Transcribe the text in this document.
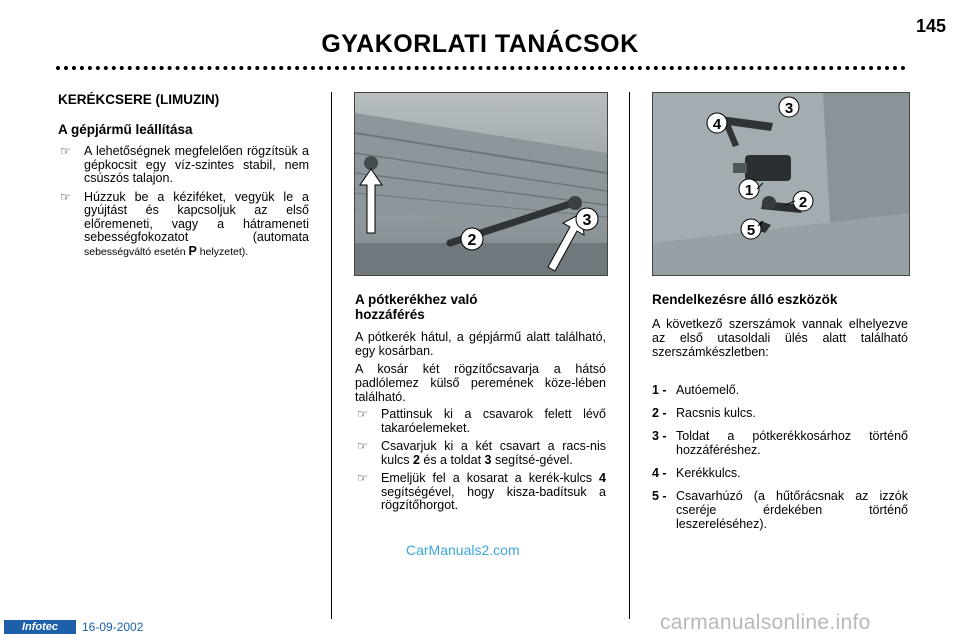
145
GYAKORLATI TANÁCSOK
KERÉKCSERE (LIMUZIN)
A gépjármű leállítása
☞ A lehetőségnek megfelelően rögzítsük a gépkocsit egy víz-szintes stabil, nem csúszós talajon.
☞ Húzzuk be a kéziféket, vegyük le a gyújtást és kapcsoljuk az első előremeneti, vagy a hátrameneti sebességfokozatot (automata sebességváltó esetén P helyzetet).
2
3
A pótkerékhez való hozzáférés

A pótkerék hátul, a gépjármű alatt található, egy kosárban.

A kosár két rögzítőcsavarja a hátsó padlólemez külső peremének köze-lében található.

☞ Pattinsuk ki a csavarok felett lévő takaróelemeket.
☞ Csavarjuk ki a két csavart a racs-nis kulcs 2 és a toldat 3 segítsé-gével.
☞ Emeljük fel a kosarat a kerék-kulcs 4 segítségével, hogy kisza-badítsuk a rögzítőhorgot.
3
4
1
2
5
Rendelkezésre álló eszközök

A következő szerszámok vannak elhelyezve az első utasoldali ülés alatt található szerszámkészletben:

1 - Autóemelő.
2 - Racsnis kulcs.
3 - Toldat a pótkerékkosárhoz történő hozzáféréshez.
4 - Kerékkulcs.
5 - Csavarhúzó (a hűtőrácsnak az izzók cseréje érdekében történő leszereléséhez).
CarManuals2.com
Infotec	16-09-2002	carmanualsonline.info
